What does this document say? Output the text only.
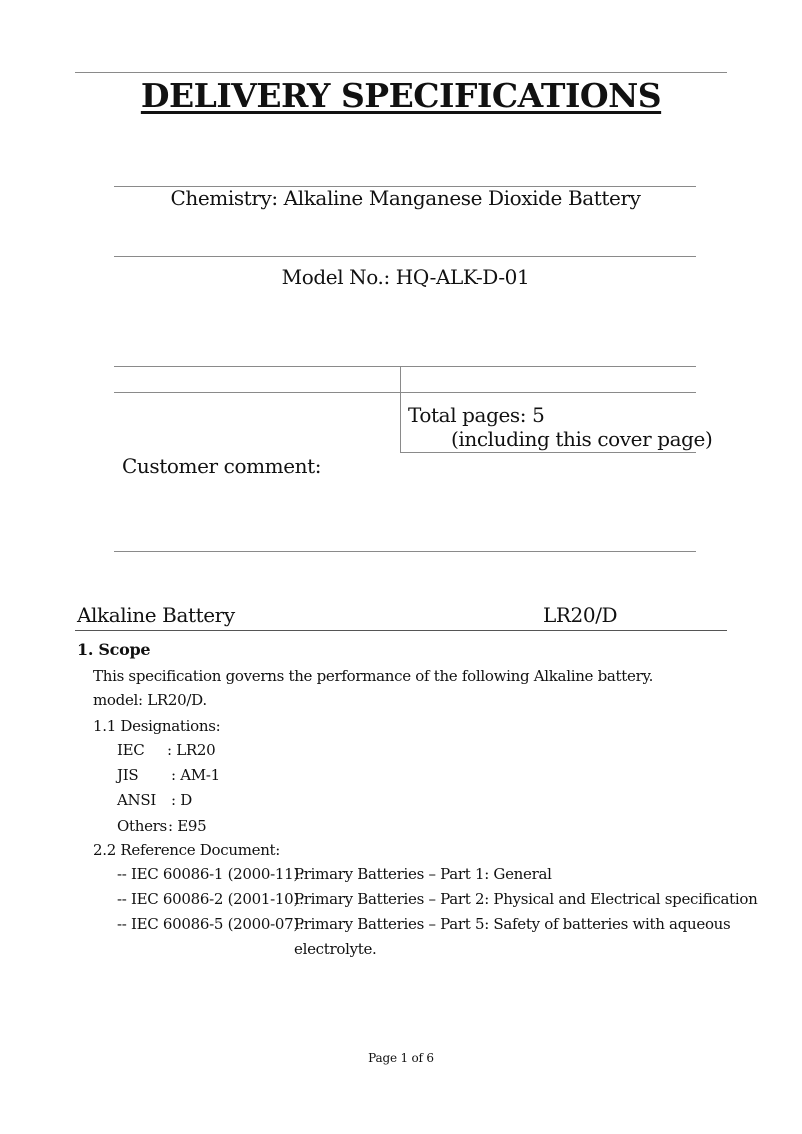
DELIVERY SPECIFICATIONS
Chemistry: Alkaline Manganese Dioxide Battery
Model No.: HQ-ALK-D-01
Total pages: 5
(including this cover page)
Customer comment:
Alkaline Battery	LR20/D
1. Scope
This specification governs the performance of the following Alkaline battery.
model: LR20/D.
1.1 Designations:
IEC : LR20
JIS : AM-1
ANSI : D
Others : E95
2.2 Reference Document:
-- IEC 60086-1 (2000-11):
Primary Batteries – Part 1: General
-- IEC 60086-2 (2001-10):
Primary Batteries – Part 2: Physical and Electrical specification
-- IEC 60086-5 (2000-07):
Primary Batteries – Part 5: Safety of batteries with aqueous
electrolyte.
Page 1 of 6
